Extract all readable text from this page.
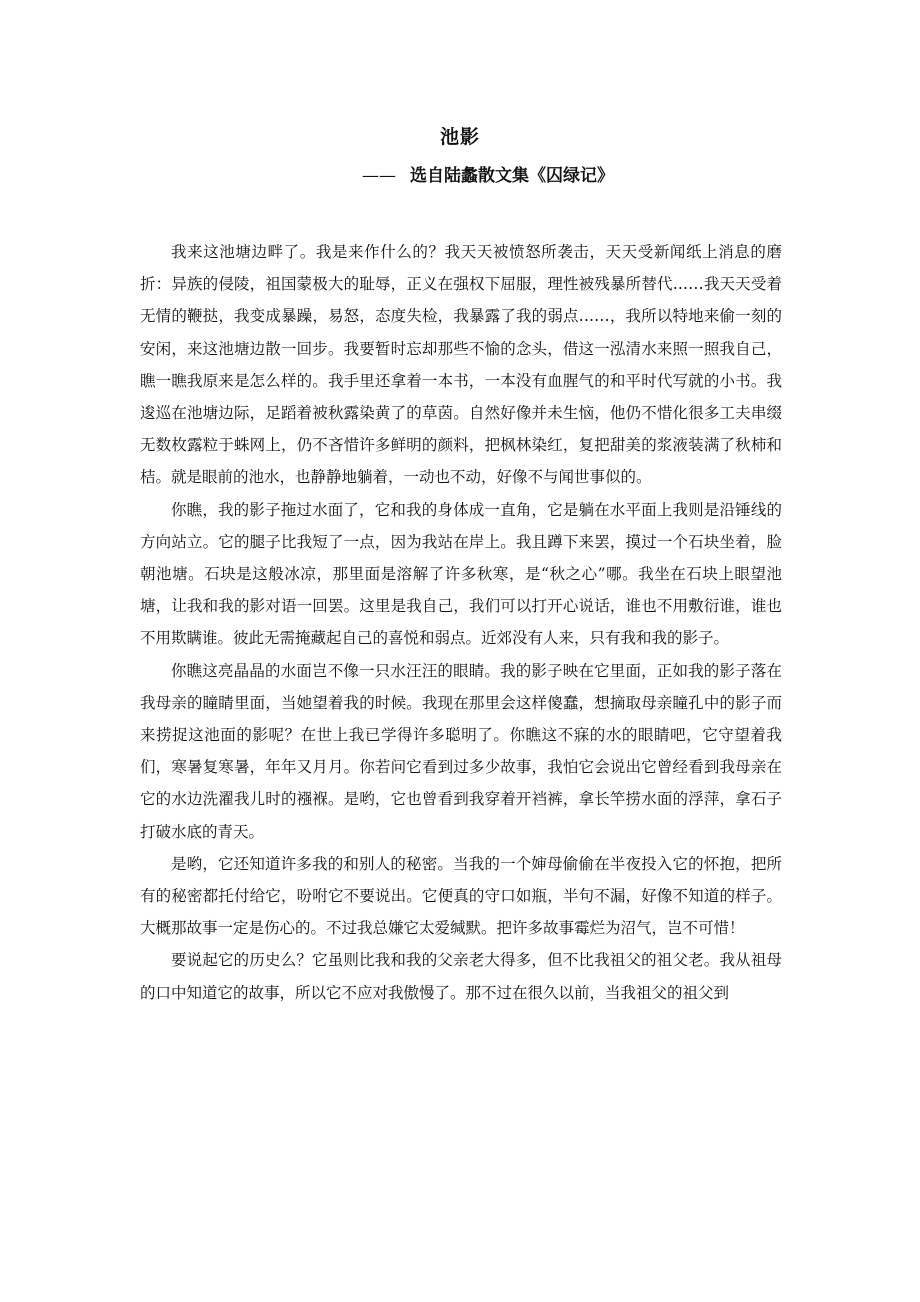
池影
—— 选自陆蠡散文集《囚绿记》

我来这池塘边畔了。我是来作什么的？我天天被愤怒所袭击，天天受新闻纸上消息的磨折：异族的侵陵，祖国蒙极大的耻辱，正义在强权下屈服，理性被残暴所替代……我天天受着无情的鞭挞，我变成暴躁，易怒，态度失检，我暴露了我的弱点……，我所以特地来偷一刻的安闲，来这池塘边散一回步。我要暂时忘却那些不愉的念头，借这一泓清水来照一照我自己，瞧一瞧我原来是怎么样的。我手里还拿着一本书，一本没有血腥气的和平时代写就的小书。我逡巡在池塘边际，足蹈着被秋露染黄了的草茵。自然好像并未生恼，他仍不惜化很多工夫串缀无数枚露粒于蛛网上，仍不吝惜许多鲜明的颜料，把枫林染红，复把甜美的浆液装满了秋柿和桔。就是眼前的池水，也静静地躺着，一动也不动，好像不与闻世事似的。

你瞧，我的影子拖过水面了，它和我的身体成一直角，它是躺在水平面上我则是沿锤线的方向站立。它的腿子比我短了一点，因为我站在岸上。我且蹲下来罢，摸过一个石块坐着，脸朝池塘。石块是这般冰凉，那里面是溶解了许多秋寒，是“秋之心”哪。我坐在石块上眼望池塘，让我和我的影对语一回罢。这里是我自己，我们可以打开心说话，谁也不用敷衍谁，谁也不用欺瞒谁。彼此无需掩藏起自己的喜悦和弱点。近郊没有人来，只有我和我的影子。

你瞧这亮晶晶的水面岂不像一只水汪汪的眼睛。我的影子映在它里面，正如我的影子落在我母亲的瞳睛里面，当她望着我的时候。我现在那里会这样傻蠢，想摘取母亲瞳孔中的影子而来捞捉这池面的影呢？在世上我已学得许多聪明了。你瞧这不寐的水的眼睛吧，它守望着我们，寒暑复寒暑，年年又月月。你若问它看到过多少故事，我怕它会说出它曾经看到我母亲在它的水边洗濯我儿时的襁褓。是哟，它也曾看到我穿着开裆裤，拿长竿捞水面的浮萍，拿石子打破水底的青天。

是哟，它还知道许多我的和别人的秘密。当我的一个婶母偷偷在半夜投入它的怀抱，把所有的秘密都托付给它，吩咐它不要说出。它便真的守口如瓶，半句不漏，好像不知道的样子。大概那故事一定是伤心的。不过我总嫌它太爱缄默。把许多故事霉烂为沼气，岂不可惜！

要说起它的历史么？它虽则比我和我的父亲老大得多，但不比我祖父的祖父老。我从祖母的口中知道它的故事，所以它不应对我傲慢了。那不过在很久以前，当我祖父的祖父到
